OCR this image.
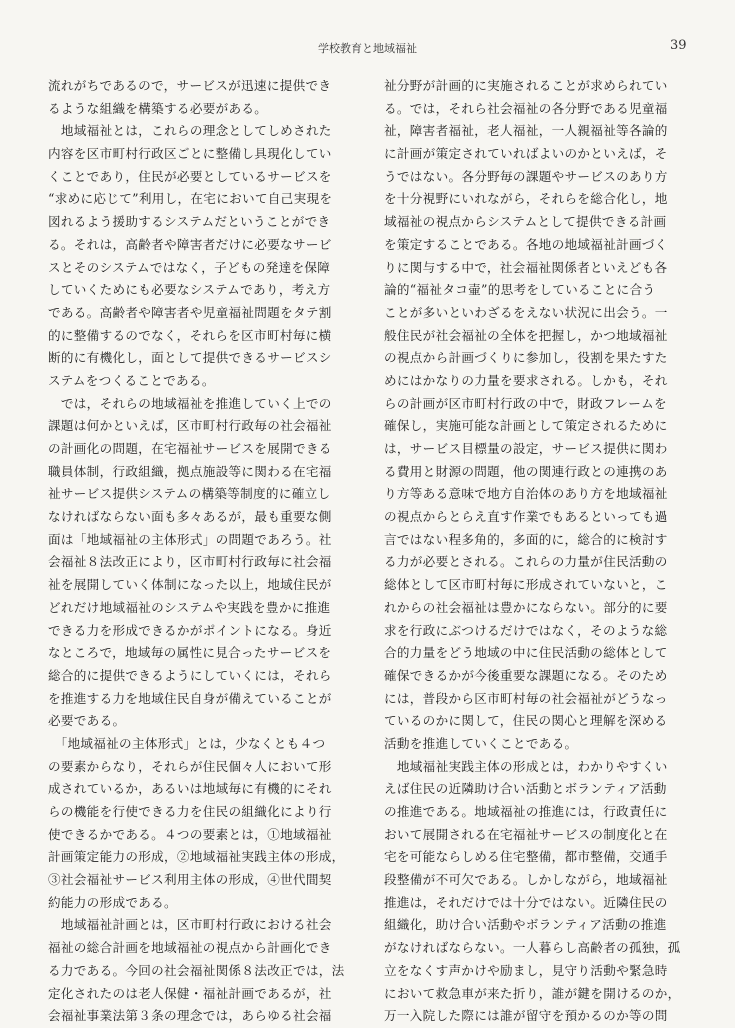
学校教育と地域福祉	39
流れがちであるので，サービスが迅速に提供でき
るような組織を構築する必要がある。
　地域福祉とは，これらの理念としてしめされた
内容を区市町村行政区ごとに整備し具現化してい
くことであり，住民が必要としているサービスを
“求めに応じて”利用し，在宅において自己実現を
図れるよう援助するシステムだということができ
る。それは，高齢者や障害者だけに必要なサービ
スとそのシステムではなく，子どもの発達を保障
していくためにも必要なシステムであり，考え方
である。高齢者や障害者や児童福祉問題をタテ割
的に整備するのでなく，それらを区市町村毎に横
断的に有機化し，面として提供できるサービスシ
ステムをつくることである。
　では，それらの地域福祉を推進していく上での
課題は何かといえば，区市町村行政毎の社会福祉
の計画化の問題，在宅福祉サービスを展開できる
職員体制，行政組織，拠点施設等に関わる在宅福
祉サービス提供システムの構築等制度的に確立し
なければならない面も多々あるが，最も重要な側
面は「地域福祉の主体形式」の問題であろう。社
会福祉８法改正により，区市町村行政毎に社会福
祉を展開していく体制になった以上，地域住民が
どれだけ地域福祉のシステムや実践を豊かに推進
できる力を形成できるかがポイントになる。身近
なところで，地域毎の属性に見合ったサービスを
総合的に提供できるようにしていくには，それら
を推進する力を地域住民自身が備えていることが
必要である。
　「地域福祉の主体形式」とは，少なくとも４つ
の要素からなり，それらが住民個々人において形
成されているか，あるいは地域毎に有機的にそれ
らの機能を行使できる力を住民の組織化により行
使できるかである。４つの要素とは，①地域福祉
計画策定能力の形成，②地域福祉実践主体の形成，
③社会福祉サービス利用主体の形成，④世代間契
約能力の形成である。
　地域福祉計画とは，区市町村行政における社会
福祉の総合計画を地域福祉の視点から計画化でき
る力である。今回の社会福祉関係８法改正では，法
定化されたのは老人保健・福祉計画であるが，社
会福祉事業法第３条の理念では，あらゆる社会福
祉分野が計画的に実施されることが求められてい
る。では，それら社会福祉の各分野である児童福
祉，障害者福祉，老人福祉，一人親福祉等各論的
に計画が策定されていればよいのかといえば，そ
うではない。各分野毎の課題やサービスのあり方
を十分視野にいれながら，それらを総合化し，地
域福祉の視点からシステムとして提供できる計画
を策定することである。各地の地域福祉計画づく
りに関与する中で，社会福祉関係者といえども各
論的“福祉タコ壷”的思考をしていることに合う
ことが多いといわざるをえない状況に出会う。一
般住民が社会福祉の全体を把握し，かつ地域福祉
の視点から計画づくりに参加し，役割を果たすた
めにはかなりの力量を要求される。しかも，それ
らの計画が区市町村行政の中で，財政フレームを
確保し，実施可能な計画として策定されるために
は，サービス目標量の設定，サービス提供に関わ
る費用と財源の問題，他の関連行政との連携のあ
り方等ある意味で地方自治体のあり方を地域福祉
の視点からとらえ直す作業でもあるといっても過
言ではない程多角的，多面的に，総合的に検討す
る力が必要とされる。これらの力量が住民活動の
総体として区市町村毎に形成されていないと，こ
れからの社会福祉は豊かにならない。部分的に要
求を行政にぶつけるだけではなく，そのような総
合的力量をどう地域の中に住民活動の総体として
確保できるかが今後重要な課題になる。そのため
には，普段から区市町村毎の社会福祉がどうなっ
ているのかに関して，住民の関心と理解を深める
活動を推進していくことである。
　地域福祉実践主体の形成とは，わかりやすくい
えば住民の近隣助け合い活動とボランティア活動
の推進である。地域福祉の推進には，行政責任に
おいて展開される在宅福祉サービスの制度化と在
宅を可能ならしめる住宅整備，都市整備，交通手
段整備が不可欠である。しかしながら，地域福祉
推進は，それだけでは十分ではない。近隣住民の
組織化，助け合い活動やボランティア活動の推進
がなければならない。一人暮らし高齢者の孤独，孤
立をなくす声かけや励まし，見守り活動や緊急時
において救急車が来た折り，誰が鍵を開けるのか，
万一入院した際には誰が留守を預かるのか等の問
